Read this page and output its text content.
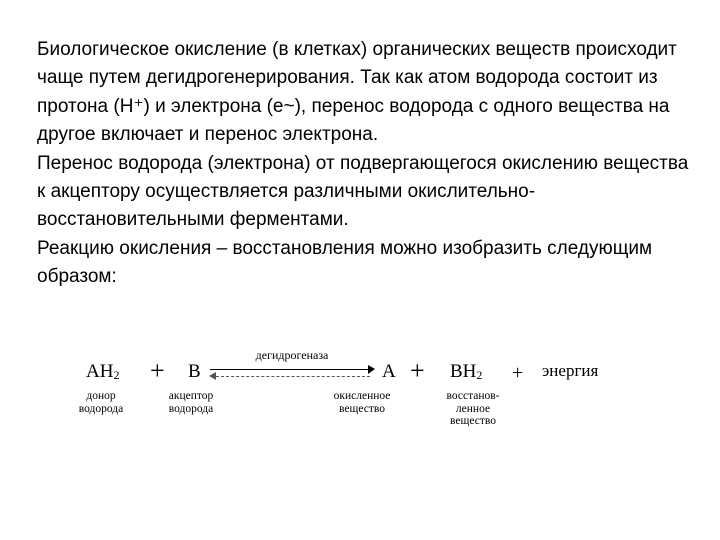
Биологическое окисление (в клетках) органических веществ происходит чаще путем дегидрогенерирования. Так как атом водорода состоит из протона (Н⁺) и электрона (е~), перенос водорода с одного вещества на другое включает и перенос электрона.

Перенос водорода (электрона) от подвергающегося окислению вещества к акцептору осуществляется различными окислительно-восстановительными ферментами.

Реакцию окисления – восстановления можно изобразить следующим образом:

$AH_2 + B$
дегидрогеназа
$A + BH_2$ + энергия
донор
водорода
акцептор
водорода
окисленное
вещество
восстанов-
ленное
вещество
